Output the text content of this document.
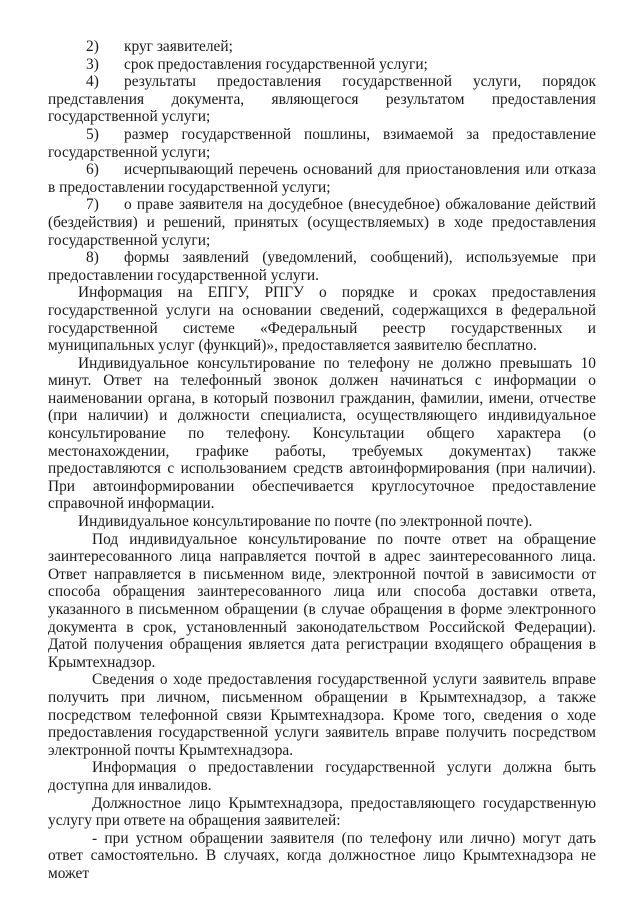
2) круг заявителей;

3) срок предоставления государственной услуги;

4) результаты предоставления государственной услуги, порядок представления документа, являющегося результатом предоставления государственной услуги;

5) размер государственной пошлины, взимаемой за предоставление государственной услуги;

6) исчерпывающий перечень оснований для приостановления или отказа в предоставлении государственной услуги;

7) о праве заявителя на досудебное (внесудебное) обжалование действий (бездействия) и решений, принятых (осуществляемых) в ходе предоставления государственной услуги;

8) формы заявлений (уведомлений, сообщений), используемые при предоставлении государственной услуги.

Информация на ЕПГУ, РПГУ о порядке и сроках предоставления государственной услуги на основании сведений, содержащихся в федеральной государственной системе «Федеральный реестр государственных и муниципальных услуг (функций)», предоставляется заявителю бесплатно.

Индивидуальное консультирование по телефону не должно превышать 10 минут. Ответ на телефонный звонок должен начинаться с информации о наименовании органа, в который позвонил гражданин, фамилии, имени, отчестве (при наличии) и должности специалиста, осуществляющего индивидуальное консультирование по телефону. Консультации общего характера (о местонахождении, графике работы, требуемых документах) также предоставляются с использованием средств автоинформирования (при наличии). При автоинформировании обеспечивается круглосуточное предоставление справочной информации.

Индивидуальное консультирование по почте (по электронной почте).

Под индивидуальное консультирование по почте ответ на обращение заинтересованного лица направляется почтой в адрес заинтересованного лица. Ответ направляется в письменном виде, электронной почтой в зависимости от способа обращения заинтересованного лица или способа доставки ответа, указанного в письменном обращении (в случае обращения в форме электронного документа в срок, установленный законодательством Российской Федерации). Датой получения обращения является дата регистрации входящего обращения в Крымтехнадзор.

Сведения о ходе предоставления государственной услуги заявитель вправе получить при личном, письменном обращении в Крымтехнадзор, а также посредством телефонной связи Крымтехнадзора. Кроме того, сведения о ходе предоставления государственной услуги заявитель вправе получить посредством электронной почты Крымтехнадзора.

Информация о предоставлении государственной услуги должна быть доступна для инвалидов.

Должностное лицо Крымтехнадзора, предоставляющего государственную услугу при ответе на обращения заявителей:

- при устном обращении заявителя (по телефону или лично) могут дать ответ самостоятельно. В случаях, когда должностное лицо Крымтехнадзора не может
